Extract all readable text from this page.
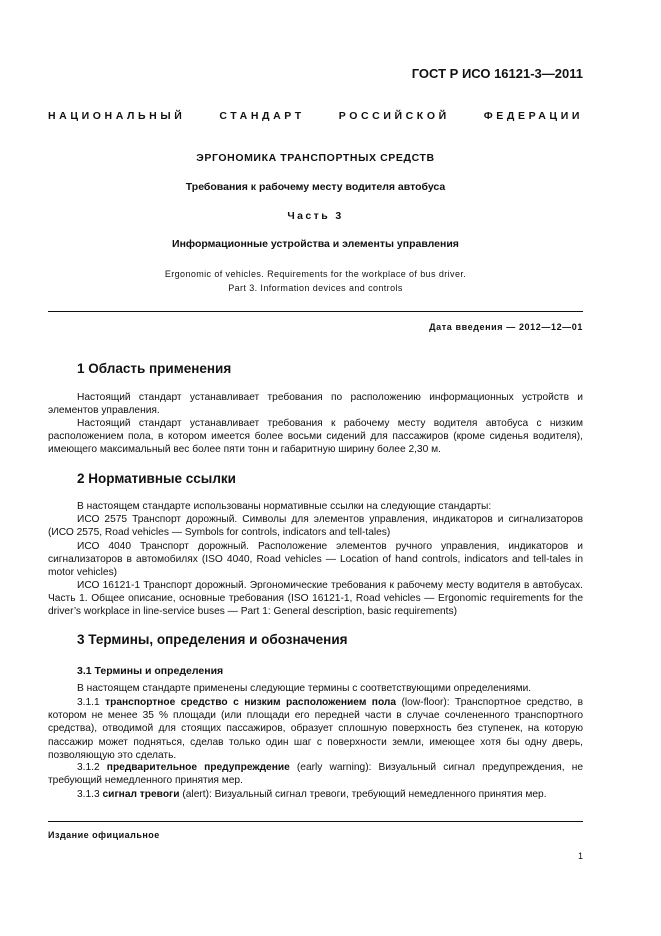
ГОСТ Р ИСО 16121-3—2011
НАЦИОНАЛЬНЫЙ	СТАНДАРТ	РОССИЙСКОЙ	ФЕДЕРАЦИИ
ЭРГОНОМИКА ТРАНСПОРТНЫХ СРЕДСТВ
Требования к рабочему месту водителя автобуса
Часть 3
Информационные устройства и элементы управления
Ergonomic of vehicles. Requirements for the workplace of bus driver.
Part 3. Information devices and controls
Дата введения — 2012—12—01
1 Область применения
Настоящий стандарт устанавливает требования по расположению информационных устройств и элементов управления.
Настоящий стандарт устанавливает требования к рабочему месту водителя автобуса с низким расположением пола, в котором имеется более восьми сидений для пассажиров (кроме сиденья водителя), имеющего максимальный вес более пяти тонн и габаритную ширину более 2,30 м.
2 Нормативные ссылки
В настоящем стандарте использованы нормативные ссылки на следующие стандарты:
ИСО 2575 Транспорт дорожный. Символы для элементов управления, индикаторов и сигнализаторов (ИСО 2575, Road vehicles — Symbols for controls, indicators and tell-tales)
ИСО 4040 Транспорт дорожный. Расположение элементов ручного управления, индикаторов и сигнализаторов в автомобилях (ISO 4040, Road vehicles — Location of hand controls, indicators and tell-tales in motor vehicles)
ИСО 16121-1 Транспорт дорожный. Эргономические требования к рабочему месту водителя в автобусах. Часть 1. Общее описание, основные требования (ISO 16121-1, Road vehicles — Ergonomic requirements for the driver’s workplace in line-service buses — Part 1: General description, basic requirements)
3 Термины, определения и обозначения
3.1 Термины и определения
В настоящем стандарте применены следующие термины с соответствующими определениями.
3.1.1 транспортное средство с низким расположением пола (low-floor): Транспортное средство, в котором не менее 35 % площади (или площади его передней части в случае сочлененного транспортного средства), отводимой для стоящих пассажиров, образует сплошную поверхность без ступенек, на которую пассажир может подняться, сделав только один шаг с поверхности земли, имеющее хотя бы одну дверь, позволяющую это сделать.
3.1.2 предварительное предупреждение (early warning): Визуальный сигнал предупреждения, не требующий немедленного принятия мер.
3.1.3 сигнал тревоги (alert): Визуальный сигнал тревоги, требующий немедленного принятия мер.
Издание официальное
1
